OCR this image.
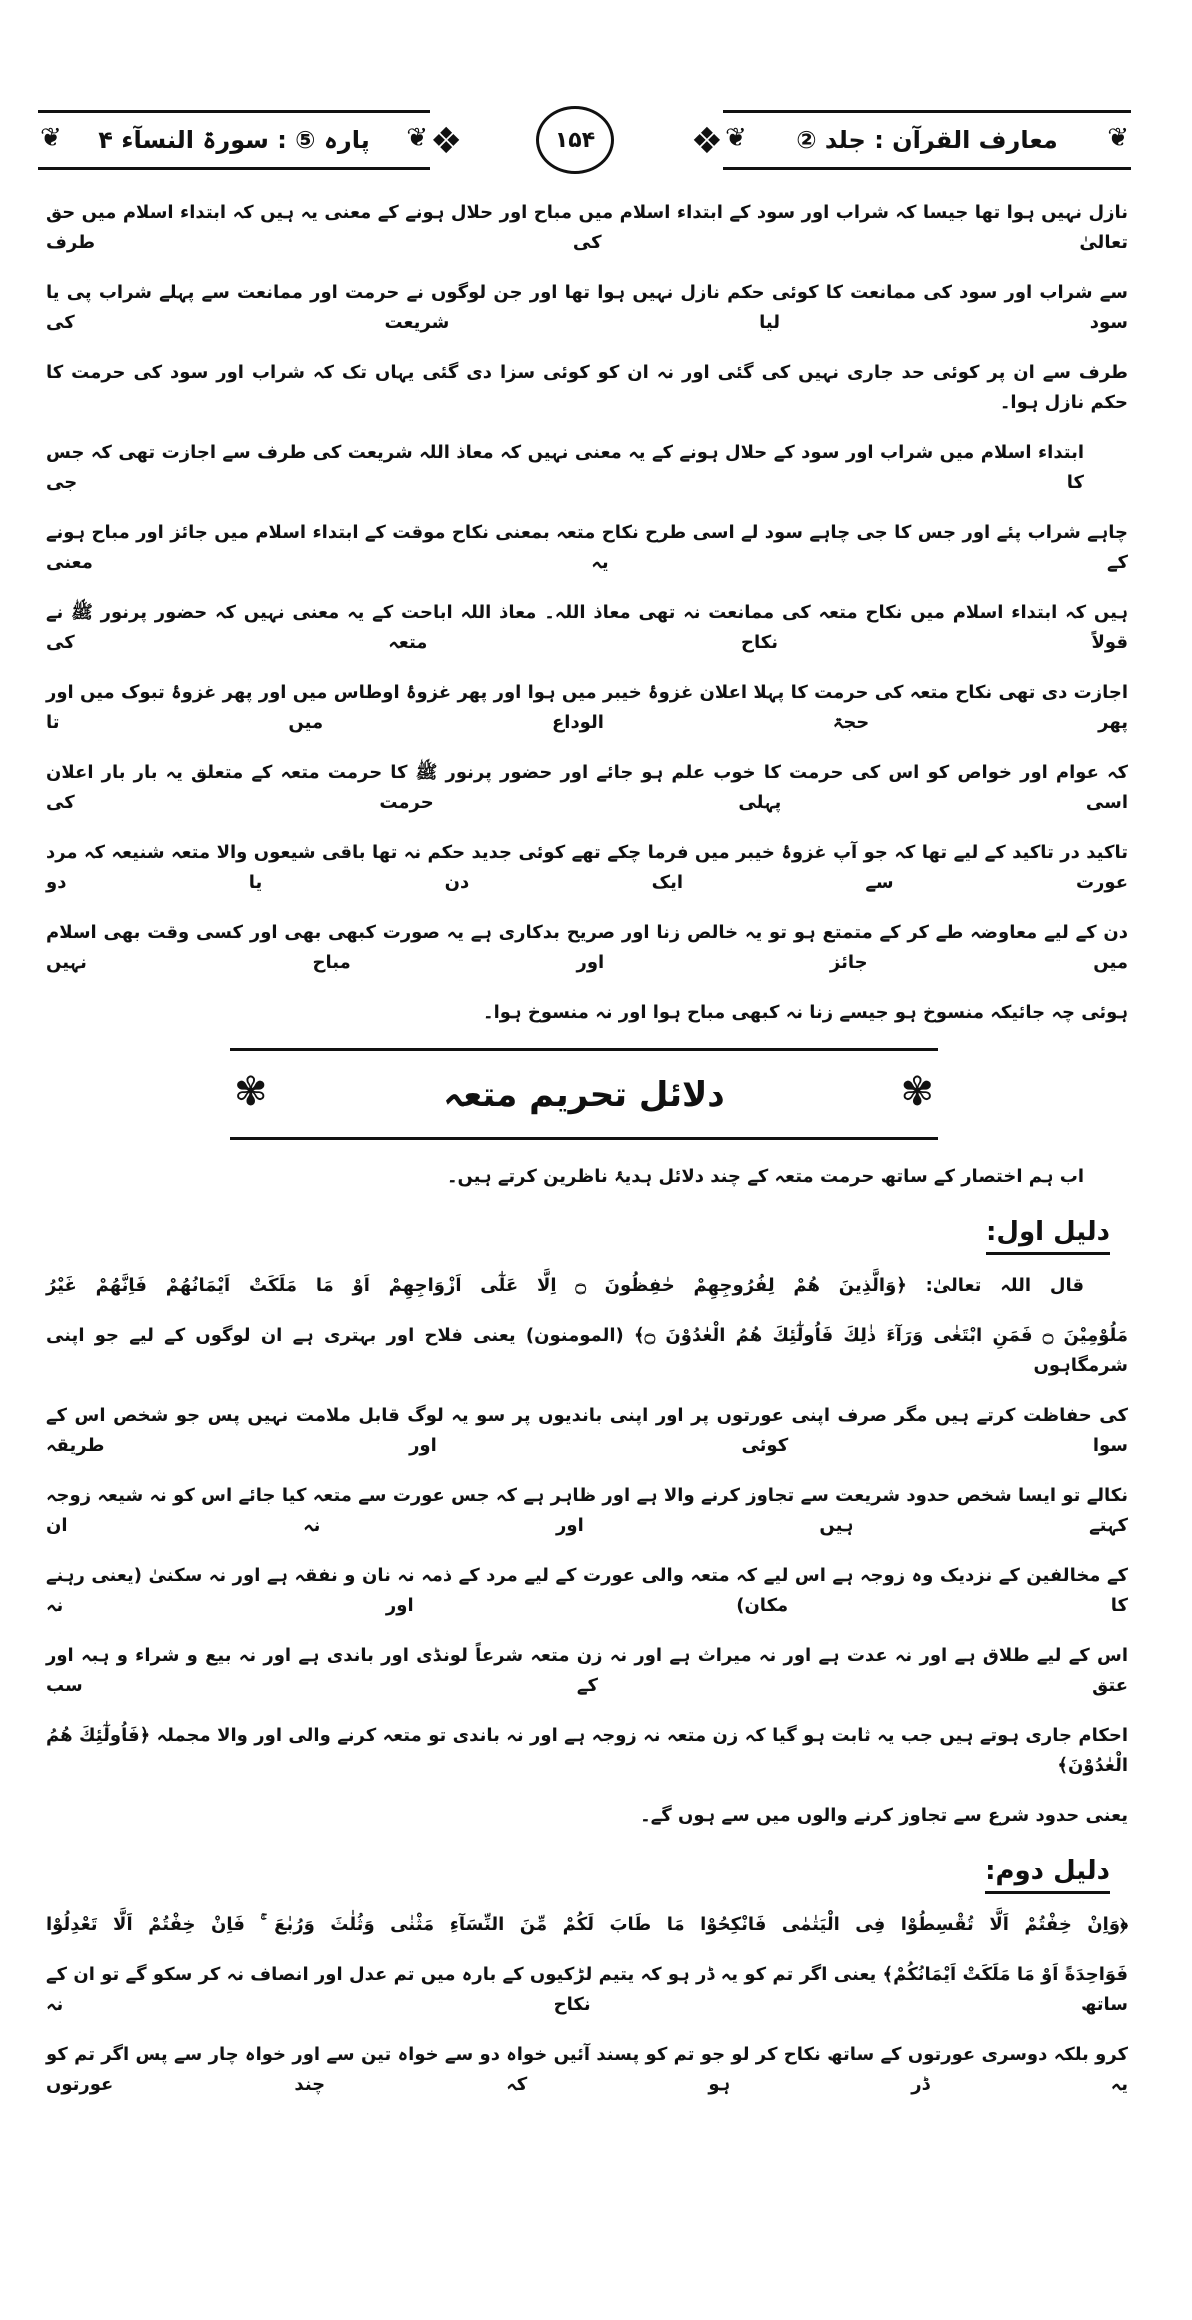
❦ معارف القرآن : جلد ② ❦
❖	❖
۱۵۴
❦ پارہ ⑤ : سورۃ النسآء ۴ ❦
نازل نہیں ہوا تھا جیسا کہ شراب اور سود کے ابتداء اسلام میں مباح اور حلال ہونے کے معنی یہ ہیں کہ ابتداء اسلام میں حق تعالیٰ کی طرف
سے شراب اور سود کی ممانعت کا کوئی حکم نازل نہیں ہوا تھا اور جن لوگوں نے حرمت اور ممانعت سے پہلے شراب پی یا سود لیا شریعت کی
طرف سے ان پر کوئی حد جاری نہیں کی گئی اور نہ ان کو کوئی سزا دی گئی یہاں تک کہ شراب اور سود کی حرمت کا حکم نازل ہوا۔
ابتداء اسلام میں شراب اور سود کے حلال ہونے کے یہ معنی نہیں کہ معاذ اللہ شریعت کی طرف سے اجازت تھی کہ جس کا جی
چاہے شراب پئے اور جس کا جی چاہے سود لے اسی طرح نکاح متعہ بمعنی نکاح موقت کے ابتداء اسلام میں جائز اور مباح ہونے کے یہ معنی
ہیں کہ ابتداء اسلام میں نکاح متعہ کی ممانعت نہ تھی معاذ اللہ۔ معاذ اللہ اباحت کے یہ معنی نہیں کہ حضور پرنور ﷺ نے قولاً نکاح متعہ کی
اجازت دی تھی نکاح متعہ کی حرمت کا پہلا اعلان غزوۂ خیبر میں ہوا اور پھر غزوۂ اوطاس میں اور پھر غزوۂ تبوک میں اور پھر حجۃ الوداع میں تا
کہ عوام اور خواص کو اس کی حرمت کا خوب علم ہو جائے اور حضور پرنور ﷺ کا حرمت متعہ کے متعلق یہ بار بار اعلان اسی پہلی حرمت کی
تاکید در تاکید کے لیے تھا کہ جو آپ غزوۂ خیبر میں فرما چکے تھے کوئی جدید حکم نہ تھا باقی شیعوں والا متعہ شنیعہ کہ مرد عورت سے ایک دن یا دو
دن کے لیے معاوضہ طے کر کے متمتع ہو تو یہ خالص زنا اور صریح بدکاری ہے یہ صورت کبھی بھی اور کسی وقت بھی اسلام میں جائز اور مباح نہیں
ہوئی چہ جائیکہ منسوخ ہو جیسے زنا نہ کبھی مباح ہوا اور نہ منسوخ ہوا۔
✾
دلائل تحریم متعہ
✾
اب ہم اختصار کے ساتھ حرمت متعہ کے چند دلائل ہدیۂ ناظرین کرتے ہیں۔
دلیل اول:
قال اللہ تعالیٰ: ﴿وَالَّذِينَ هُمْ لِفُرُوجِهِمْ حٰفِظُونَ ۝ اِلَّا عَلٰٓى اَزْوَاجِهِمْ اَوْ مَا مَلَكَتْ اَيْمَانُهُمْ فَاِنَّهُمْ غَيْرُ
مَلُوْمِيْنَ ۝ فَمَنِ ابْتَغٰى وَرَآءَ ذٰلِكَ فَاُولٰٓئِكَ هُمُ الْعٰدُوْنَ ۝﴾ (المومنون) یعنی فلاح اور بہتری ہے ان لوگوں کے لیے جو اپنی شرمگاہوں
کی حفاظت کرتے ہیں مگر صرف اپنی عورتوں پر اور اپنی باندیوں پر سو یہ لوگ قابل ملامت نہیں پس جو شخص اس کے سوا کوئی اور طریقہ
نکالے تو ایسا شخص حدود شریعت سے تجاوز کرنے والا ہے اور ظاہر ہے کہ جس عورت سے متعہ کیا جائے اس کو نہ شیعہ زوجہ کہتے ہیں اور نہ ان
کے مخالفین کے نزدیک وہ زوجہ ہے اس لیے کہ متعہ والی عورت کے لیے مرد کے ذمہ نہ نان و نفقہ ہے اور نہ سکنیٰ (یعنی رہنے کا مکان) اور نہ
اس کے لیے طلاق ہے اور نہ عدت ہے اور نہ میراث ہے اور نہ زن متعہ شرعاً لونڈی اور باندی ہے اور نہ بیع و شراء و ہبہ اور عتق کے سب
احکام جاری ہوتے ہیں جب یہ ثابت ہو گیا کہ زن متعہ نہ زوجہ ہے اور نہ باندی تو متعہ کرنے والی اور والا مجملہ ﴿فَاُولٰٓئِكَ هُمُ الْعٰدُوْنَ﴾
یعنی حدود شرع سے تجاوز کرنے والوں میں سے ہوں گے۔
دلیل دوم:
﴿وَاِنْ خِفْتُمْ اَلَّا تُقْسِطُوْا فِى الْيَتٰمٰى فَانْكِحُوْا مَا طَابَ لَكُمْ مِّنَ النِّسَآءِ مَثْنٰى وَثُلٰثَ وَرُبٰعَ ۚ فَاِنْ خِفْتُمْ اَلَّا تَعْدِلُوْا
فَوَاحِدَةً اَوْ مَا مَلَكَتْ اَيْمَانُكُمْ﴾ یعنی اگر تم کو یہ ڈر ہو کہ یتیم لڑکیوں کے بارہ میں تم عدل اور انصاف نہ کر سکو گے تو ان کے ساتھ نکاح نہ
کرو بلکہ دوسری عورتوں کے ساتھ نکاح کر لو جو تم کو پسند آئیں خواہ دو سے خواہ تین سے اور خواہ چار سے پس اگر تم کو یہ ڈر ہو کہ چند عورتوں
